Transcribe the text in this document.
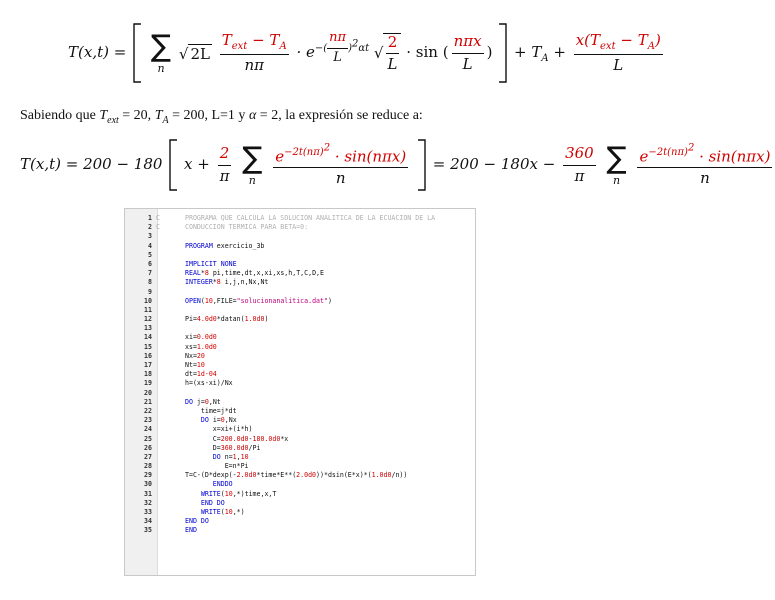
T(x,t) = ∑
n
√ $2L \frac{T_{ext} - T_A}{n\pi} \cdot e^{-( \frac{n\pi}{L} )^2\alpha t}$ √ $\frac{2}{L} \cdot \sin$ ( $\frac{\text{nπx}}{L}$ ) + $T_A + \frac{x(T_{ext} - T_A)}{L}$
Sabiendo que $T_{ext} = 20$, $T_A = 200$, L=1 y α = 2, la expresión se reduce a:
T(x,t) = 200 − 180 $x + \frac{2}{\pi}$
∑
n
$\frac{e^{-2t(n\pi)^2} \cdot \sin(n\pi x)}{n} = 200 - 180x - \frac{360}{\pi}$
∑
n
$\frac{e^{-2t(n\pi)^2} \cdot \sin(n\pi x)}{n}$
1 C	PROGRAMA QUE CALCULA LA SOLUCION ANALITICA DE LA ECUACION DE LA
2 C	CONDUCCION TERMICA PARA BETA=0:
3
4	PROGRAM exercicio_3b
5
6	IMPLICIT NONE
7	REAL*8 pi,time,dt,x,xi,xs,h,T,C,D,E
8	INTEGER*8 i,j,n,Nx,Nt
9
10	OPEN(10,FILE="solucionanalitica.dat")
11
12	Pi=4.0d0*datan(1.0d0)
13
14	xi=0.0d0
15	xs=1.0d0
16	Nx=20
17	Nt=10
18	dt=1d-04
19	h=(xs-xi)/Nx
20
21	DO j=0,Nt
22	time=j*dt
23	DO i=0,Nx
24	x=xi+(i*h)
25	C=200.0d0-180.0d0*x
26	D=360.0d0/Pi
27	DO n=1,10
28	E=n*Pi
29	T=C-(D*dexp(-2.0d0*time*E**(2.0d0))*dsin(E*x)*(1.0d0/n))
30	ENDDO
31	WRITE(10,*)time,x,T
32	END DO
33	WRITE(10,*)
34	END DO
35	END
